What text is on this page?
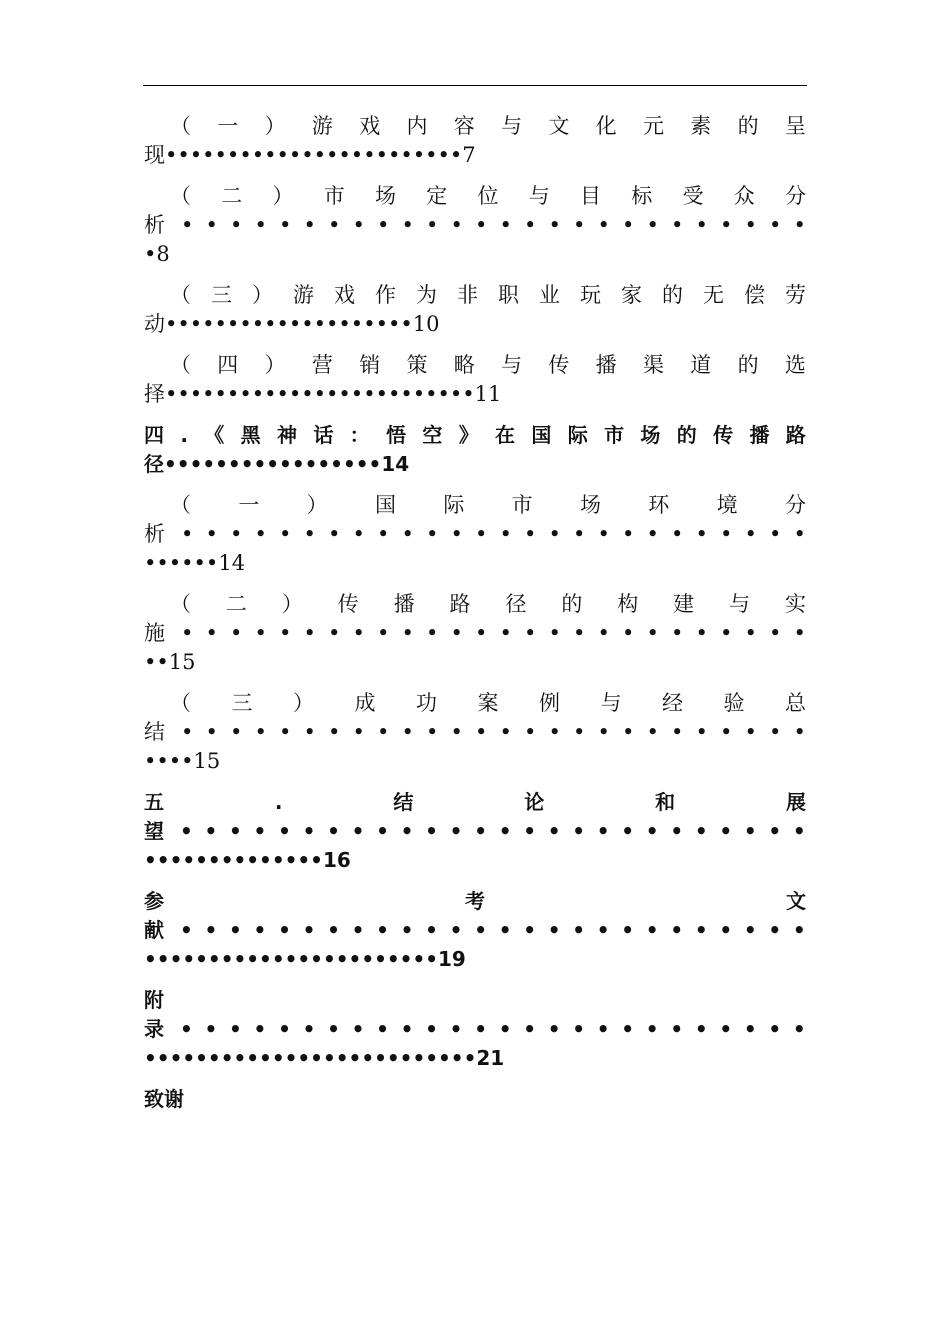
（ 一 ） 游 戏 内 容 与 文 化 元 素 的 呈
现••••••••••••••••••••••••7
（ 二 ） 市 场 定 位 与 目 标 受 众 分
析 • • • • • • • • • • • • • • • • • • • • • • • • • •
•8
（ 三 ） 游 戏 作 为 非 职 业 玩 家 的 无 偿 劳
动••••••••••••••••••••10
（ 四 ） 营 销 策 略 与 传 播 渠 道 的 选
择•••••••••••••••••••••••••11
四 . 《 黑 神 话 ： 悟 空 》 在 国 际 市 场 的 传 播 路
径•••••••••••••••••14
（ 一 ） 国 际 市 场 环 境 分
析 • • • • • • • • • • • • • • • • • • • • • • • • • •
••••••14
（ 二 ） 传 播 路 径 的 构 建 与 实
施 • • • • • • • • • • • • • • • • • • • • • • • • • •
••15
（ 三 ） 成 功 案 例 与 经 验 总
结 • • • • • • • • • • • • • • • • • • • • • • • • • •
••••15
五	.	结	论	和	展
望 • • • • • • • • • • • • • • • • • • • • • • • • • •
••••••••••••••16
参	考	文
献 • • • • • • • • • • • • • • • • • • • • • • • • • •
•••••••••••••••••••••••19
附
录 • • • • • • • • • • • • • • • • • • • • • • • • • •
••••••••••••••••••••••••••21
致谢
